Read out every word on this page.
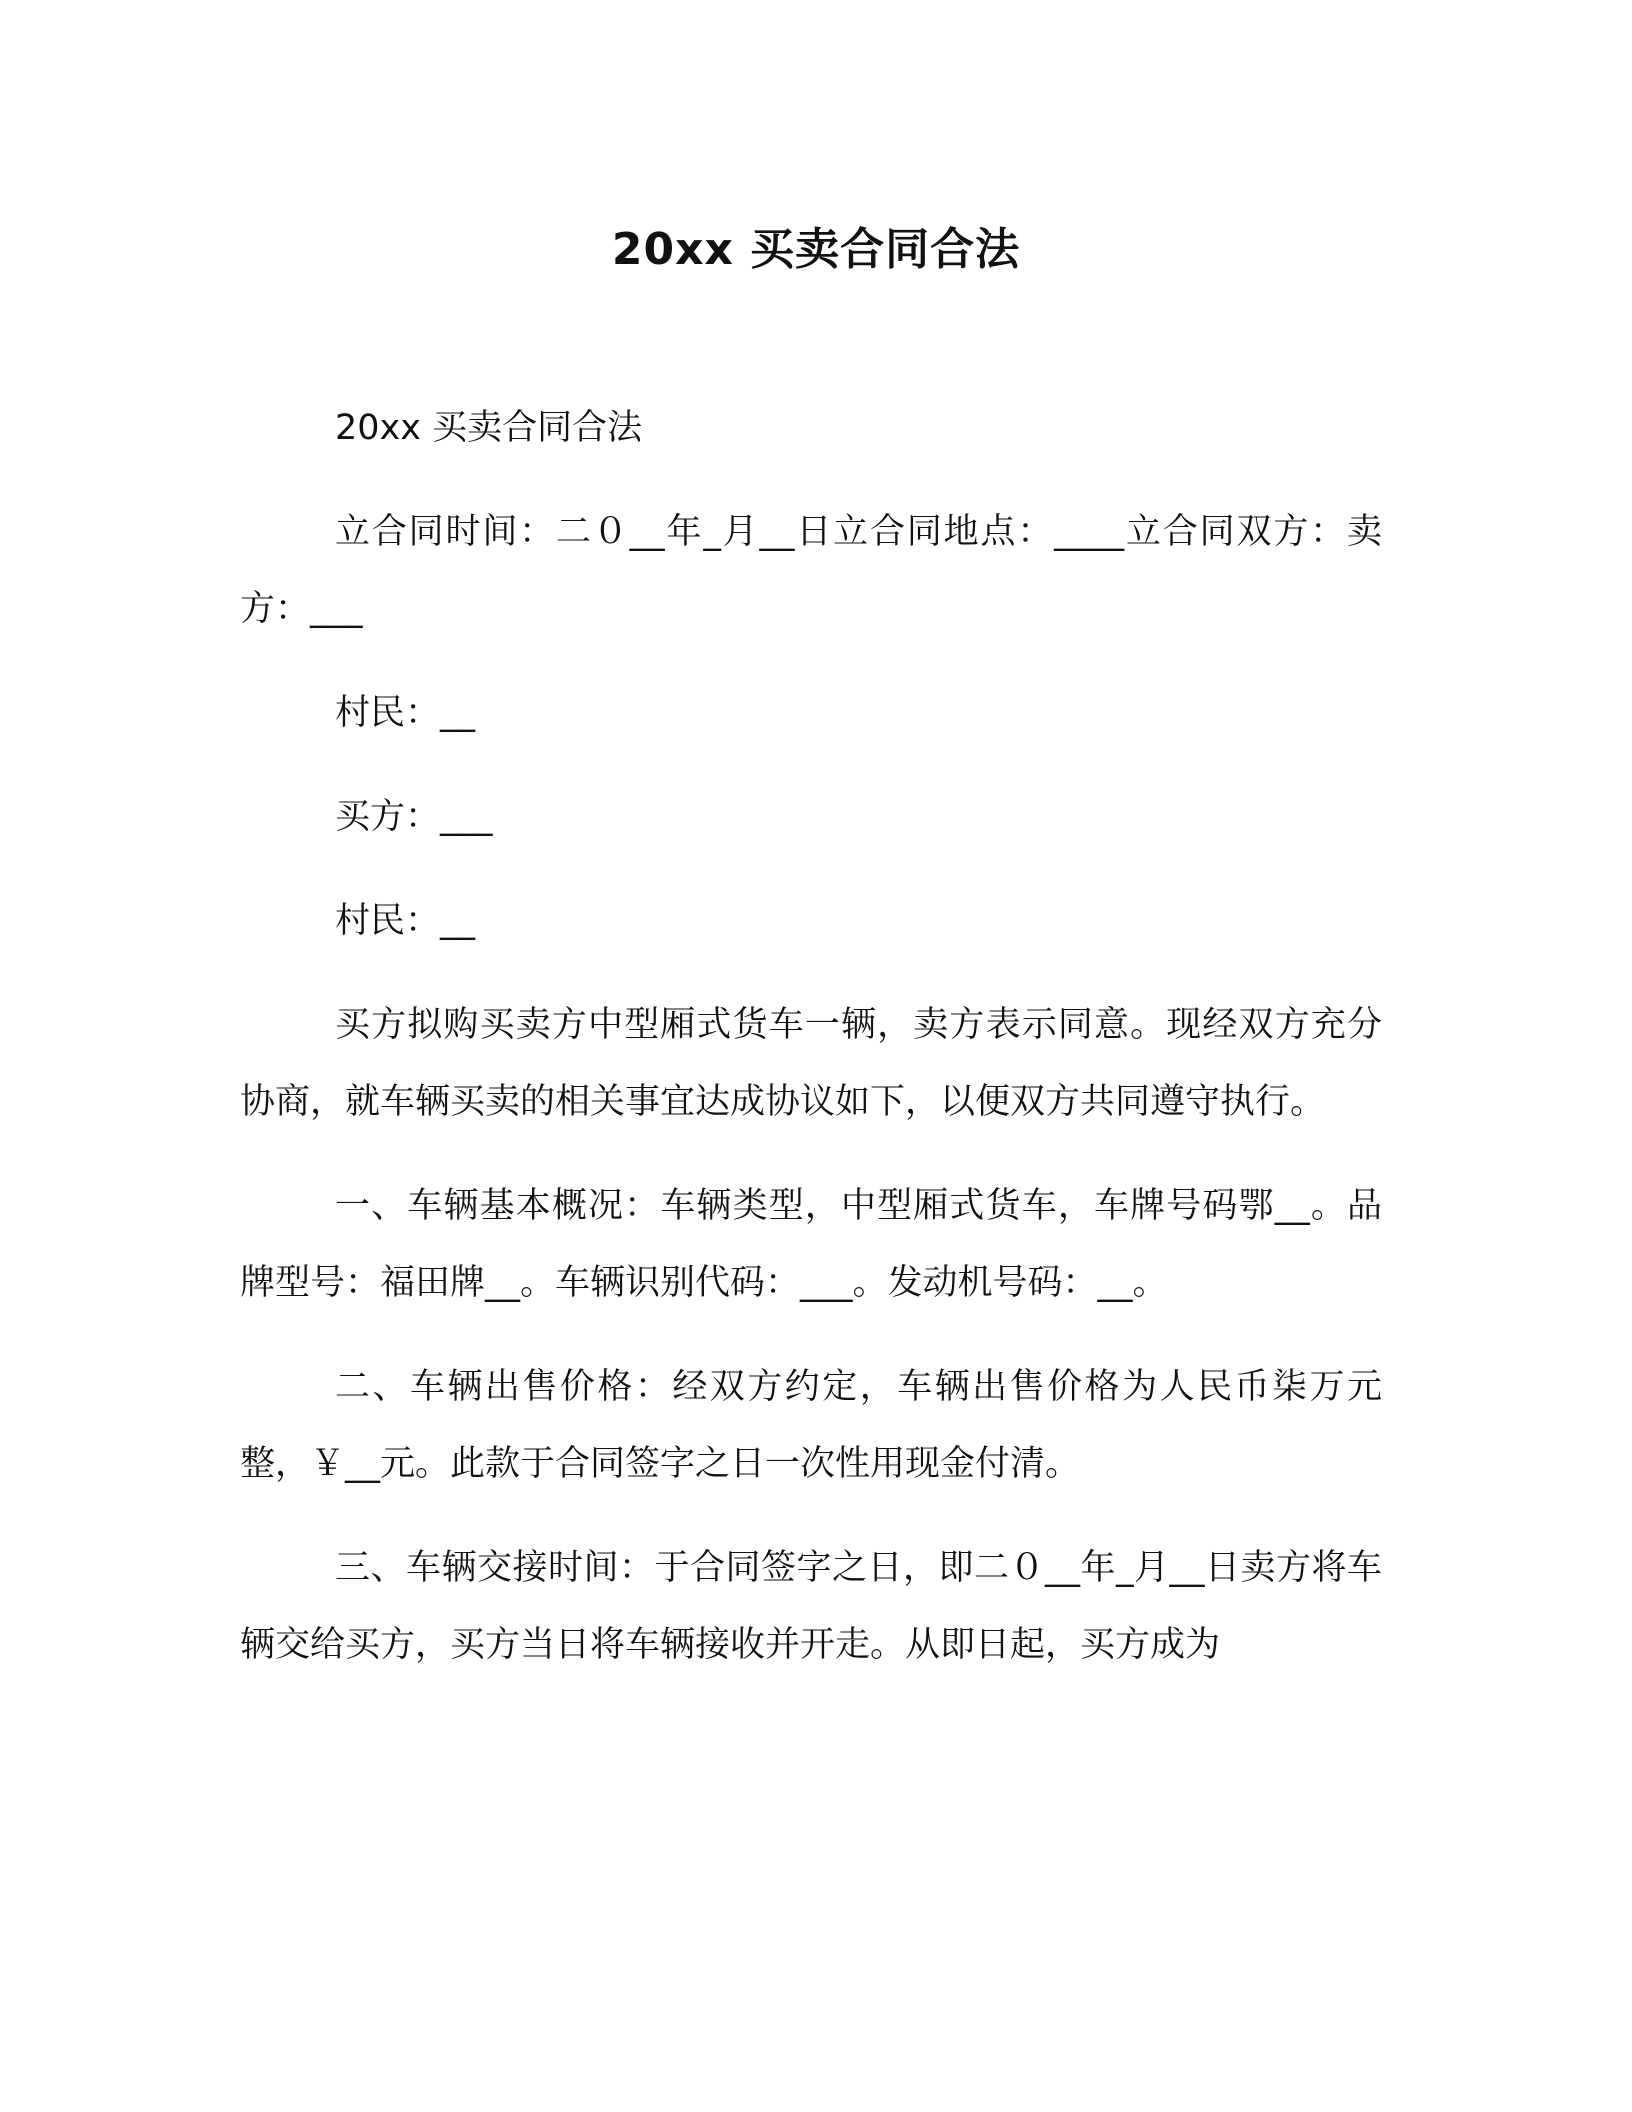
20xx 买卖合同合法

20xx 买卖合同合法

立合同时间：二０__年_月__日立合同地点：____立合同双方：卖方：___

村民：__

买方：___

村民：__

买方拟购买卖方中型厢式货车一辆，卖方表示同意。现经双方充分协商，就车辆买卖的相关事宜达成协议如下，以便双方共同遵守执行。

一、车辆基本概况：车辆类型，中型厢式货车，车牌号码鄂__。品牌型号：福田牌__。车辆识别代码：___。发动机号码：__。

二、车辆出售价格：经双方约定，车辆出售价格为人民币柒万元整，￥__元。此款于合同签字之日一次性用现金付清。

三、车辆交接时间：于合同签字之日，即二０__年_月__日卖方将车辆交给买方，买方当日将车辆接收并开走。从即日起，买方成为
